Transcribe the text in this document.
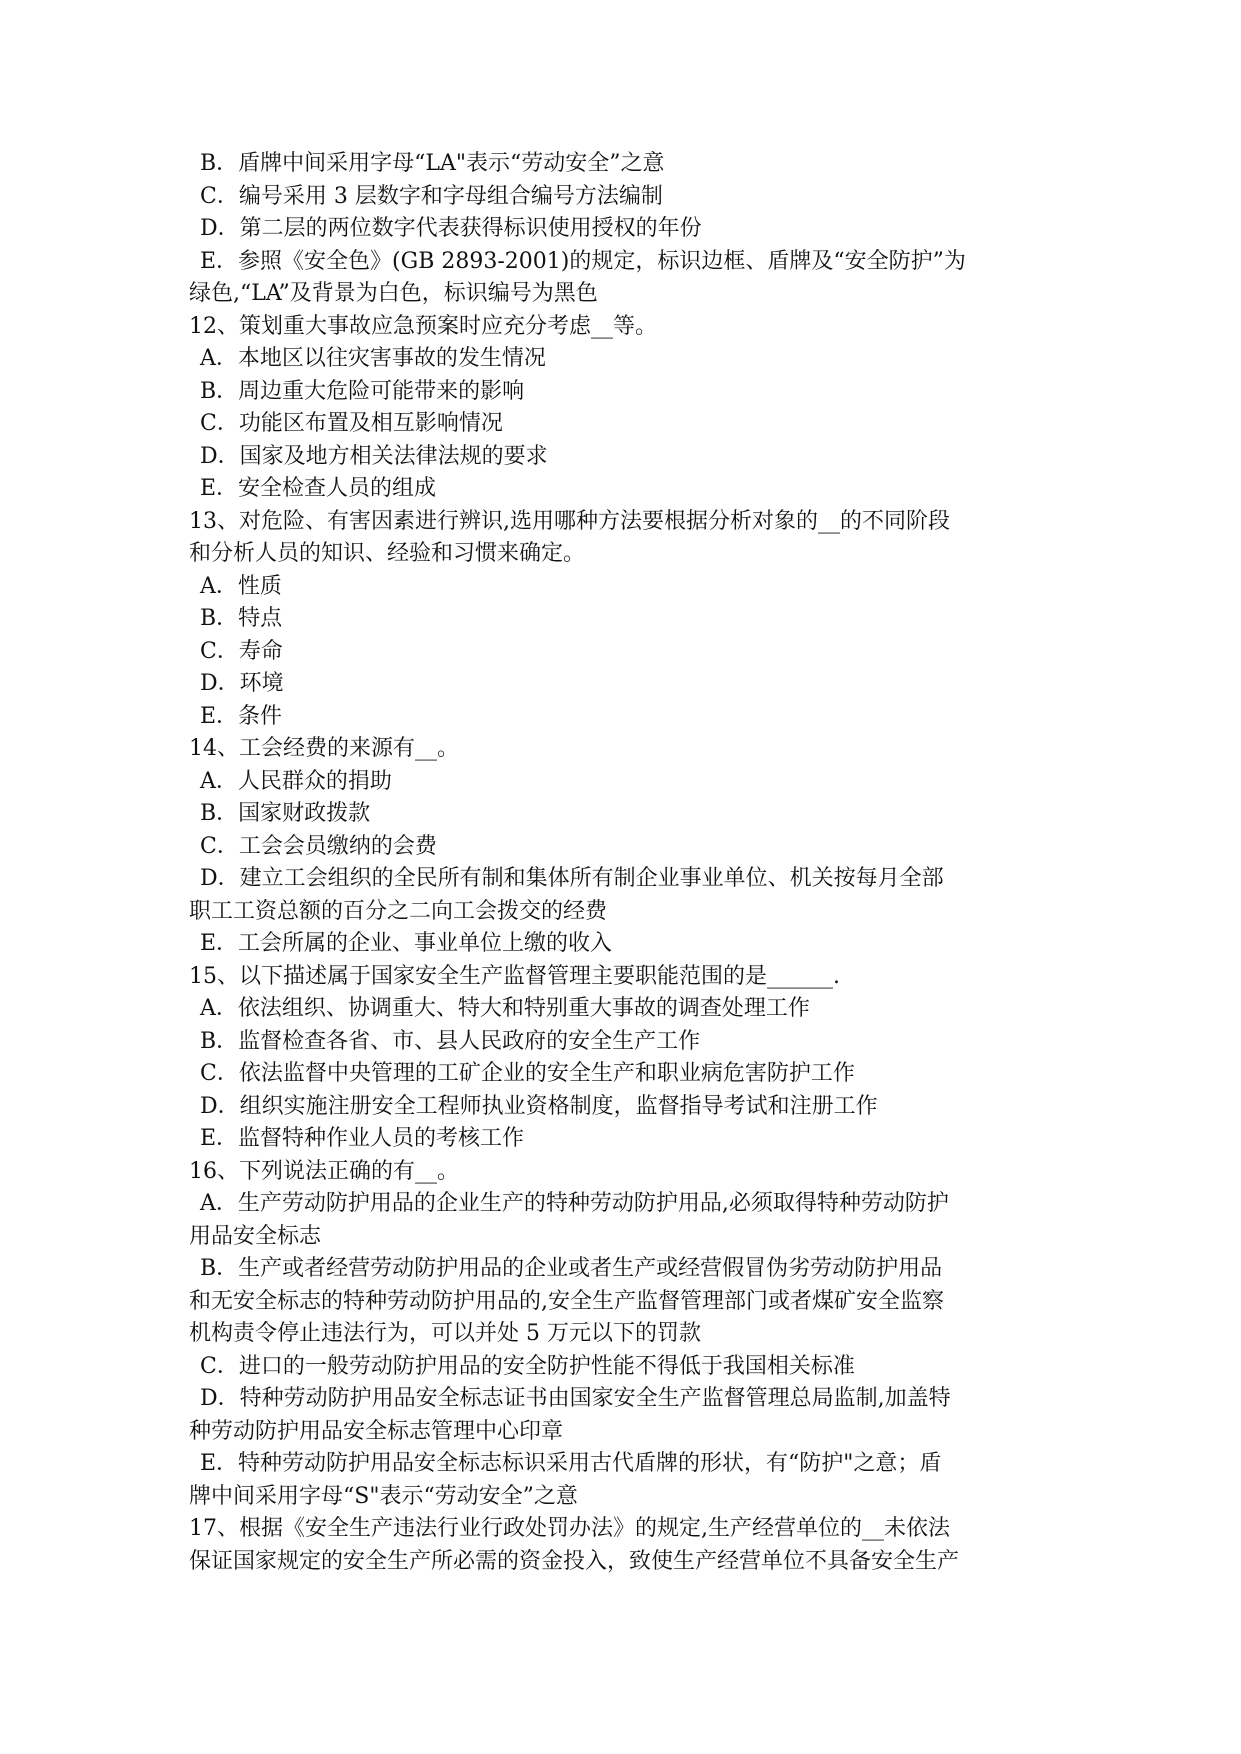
B．盾牌中间采用字母“LA"表示“劳动安全”之意
C．编号采用 3 层数字和字母组合编号方法编制
D．第二层的两位数字代表获得标识使用授权的年份
E．参照《安全色》(GB 2893-2001)的规定，标识边框、盾牌及“安全防护”为
绿色,“LA”及背景为白色，标识编号为黑色
12、策划重大事故应急预案时应充分考虑__等。
A．本地区以往灾害事故的发生情况
B．周边重大危险可能带来的影响
C．功能区布置及相互影响情况
D．国家及地方相关法律法规的要求
E．安全检查人员的组成
13、对危险、有害因素进行辨识,选用哪种方法要根据分析对象的__的不同阶段
和分析人员的知识、经验和习惯来确定。
A．性质
B．特点
C．寿命
D．环境
E．条件
14、工会经费的来源有__。
A．人民群众的捐助
B．国家财政拨款
C．工会会员缴纳的会费
D．建立工会组织的全民所有制和集体所有制企业事业单位、机关按每月全部
职工工资总额的百分之二向工会拨交的经费
E．工会所属的企业、事业单位上缴的收入
15、以下描述属于国家安全生产监督管理主要职能范围的是______.
A．依法组织、协调重大、特大和特别重大事故的调查处理工作
B．监督检查各省、市、县人民政府的安全生产工作
C．依法监督中央管理的工矿企业的安全生产和职业病危害防护工作
D．组织实施注册安全工程师执业资格制度，监督指导考试和注册工作
E．监督特种作业人员的考核工作
16、下列说法正确的有__。
A．生产劳动防护用品的企业生产的特种劳动防护用品,必须取得特种劳动防护
用品安全标志
B．生产或者经营劳动防护用品的企业或者生产或经营假冒伪劣劳动防护用品
和无安全标志的特种劳动防护用品的,安全生产监督管理部门或者煤矿安全监察
机构责令停止违法行为，可以并处 5 万元以下的罚款
C．进口的一般劳动防护用品的安全防护性能不得低于我国相关标准
D．特种劳动防护用品安全标志证书由国家安全生产监督管理总局监制,加盖特
种劳动防护用品安全标志管理中心印章
E．特种劳动防护用品安全标志标识采用古代盾牌的形状，有“防护"之意；盾
牌中间采用字母“S"表示“劳动安全”之意
17、根据《安全生产违法行业行政处罚办法》的规定,生产经营单位的__未依法
保证国家规定的安全生产所必需的资金投入，致使生产经营单位不具备安全生产
